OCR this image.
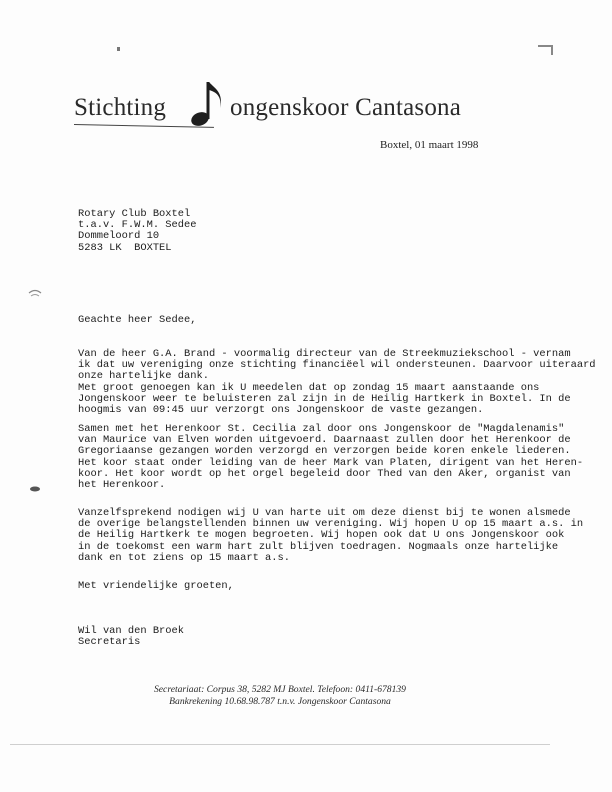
Stichting	ongenskoor Cantasona
Boxtel, 01 maart 1998
Rotary Club Boxtel
t.a.v. F.W.M. Sedee
Dommeloord 10
5283 LK  BOXTEL
Geachte heer Sedee,
Van de heer G.A. Brand - voormalig directeur van de Streekmuziekschool - vernam
ik dat uw vereniging onze stichting financiëel wil ondersteunen. Daarvoor uiteraard
onze hartelijke dank.
Met groot genoegen kan ik U meedelen dat op zondag 15 maart aanstaande ons
Jongenskoor weer te beluisteren zal zijn in de Heilig Hartkerk in Boxtel. In de
hoogmis van 09:45 uur verzorgt ons Jongenskoor de vaste gezangen.
Samen met het Herenkoor St. Cecilia zal door ons Jongenskoor de "Magdalenamis"
van Maurice van Elven worden uitgevoerd. Daarnaast zullen door het Herenkoor de
Gregoriaanse gezangen worden verzorgd en verzorgen beide koren enkele liederen.
Het koor staat onder leiding van de heer Mark van Platen, dirigent van het Heren-
koor. Het koor wordt op het orgel begeleid door Thed van den Aker, organist van
het Herenkoor.
Vanzelfsprekend nodigen wij U van harte uit om deze dienst bij te wonen alsmede
de overige belangstellenden binnen uw vereniging. Wij hopen U op 15 maart a.s. in
de Heilig Hartkerk te mogen begroeten. Wij hopen ook dat U ons Jongenskoor ook
in de toekomst een warm hart zult blijven toedragen. Nogmaals onze hartelijke
dank en tot ziens op 15 maart a.s.
Met vriendelijke groeten,
Wil van den Broek
Secretaris
Secretariaat: Corpus 38, 5282 MJ Boxtel. Telefoon: 0411-678139
Bankrekening 10.68.98.787 t.n.v. Jongenskoor Cantasona
